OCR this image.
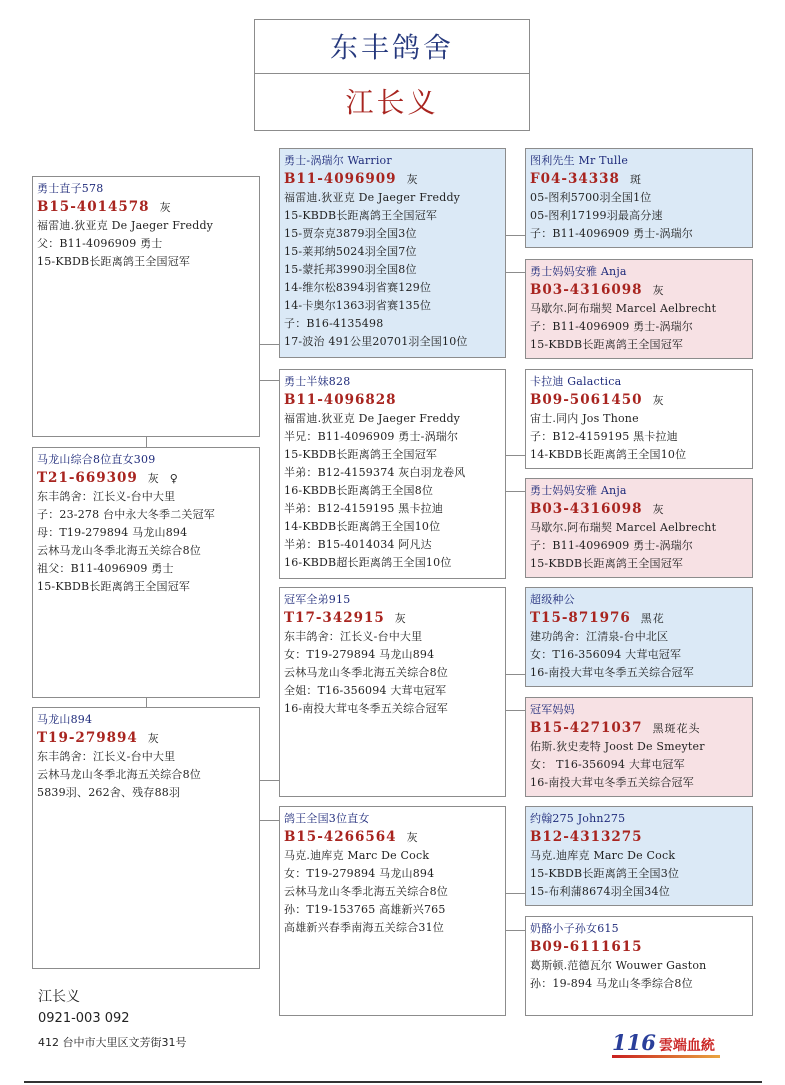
东丰鸽舍
江长义
勇士直子578
B15-4014578 灰
福雷迪.狄亚克 De Jaeger Freddy
父：B11-4096909 勇士
15-KBDB长距离鸽王全国冠军
马龙山综合8位直女309
T21-669309 灰 ♀
东丰鸽舍：江长义-台中大里
子：23-278 台中永大冬季二关冠军
母：T19-279894 马龙山894
云林马龙山冬季北海五关综合8位
祖父：B11-4096909 勇士
15-KBDB长距离鸽王全国冠军
马龙山894
T19-279894 灰
东丰鸽舍：江长义-台中大里
云林马龙山冬季北海五关综合8位
5839羽、262舍、残存88羽
勇士-涡瑞尔 Warrior
B11-4096909 灰
福雷迪.狄亚克 De Jaeger Freddy
15-KBDB长距离鸽王全国冠军
15-贾奈克3879羽全国3位
15-莱邦纳5024羽全国7位
15-蒙托邦3990羽全国8位
14-维尔松8394羽省赛129位
14-卡奥尔1363羽省赛135位
子：B16-4135498
17-波治 491公里20701羽全国10位
勇士半妹828
B11-4096828
福雷迪.狄亚克 De Jaeger Freddy
半兄：B11-4096909 勇士-涡瑞尔
15-KBDB长距离鸽王全国冠军
半弟：B12-4159374 灰白羽龙卷风
16-KBDB长距离鸽王全国8位
半弟：B12-4159195 黑卡拉迪
14-KBDB长距离鸽王全国10位
半弟：B15-4014034 阿凡达
16-KBDB超长距离鸽王全国10位
冠军全弟915
T17-342915 灰
东丰鸽舍：江长义-台中大里
女：T19-279894 马龙山894
云林马龙山冬季北海五关综合8位
全姐：T16-356094 大茸屯冠军
16-南投大茸屯冬季五关综合冠军
鸽王全国3位直女
B15-4266564 灰
马克.迪库克 Marc De Cock
女：T19-279894 马龙山894
云林马龙山冬季北海五关综合8位
孙：T19-153765 高雄新兴765
高雄新兴春季南海五关综合31位
图利先生 Mr Tulle
F04-34338 斑
05-图利5700羽全国1位
05-图利17199羽最高分速
子：B11-4096909 勇士-涡瑞尔
勇士妈妈安雅 Anja
B03-4316098 灰
马歇尔.阿布瑞契 Marcel Aelbrecht
子：B11-4096909 勇士-涡瑞尔
15-KBDB长距离鸽王全国冠军
卡拉迪 Galactica
B09-5061450 灰
宙士.同内 Jos Thone
子：B12-4159195 黑卡拉迪
14-KBDB长距离鸽王全国10位
勇士妈妈安雅 Anja
B03-4316098 灰
马歇尔.阿布瑞契 Marcel Aelbrecht
子：B11-4096909 勇士-涡瑞尔
15-KBDB长距离鸽王全国冠军
超级种公
T15-871976 黑花
建功鸽舍：江清泉-台中北区
女：T16-356094 大茸屯冠军
16-南投大茸屯冬季五关综合冠军
冠军妈妈
B15-4271037 黑斑花头
佑斯.狄史麦特 Joost De Smeyter
女： T16-356094 大茸屯冠军
16-南投大茸屯冬季五关综合冠军
约翰275 John275
B12-4313275
马克.迪库克 Marc De Cock
15-KBDB长距离鸽王全国3位
15-布利蒲8674羽全国34位
奶酪小子孙女615
B09-6111615
葛斯顿.范德瓦尔 Wouwer Gaston
孙：19-894 马龙山冬季综合8位
江长义
0921-003 092
412 台中市大里区文芳街31号	116 雲端血統
